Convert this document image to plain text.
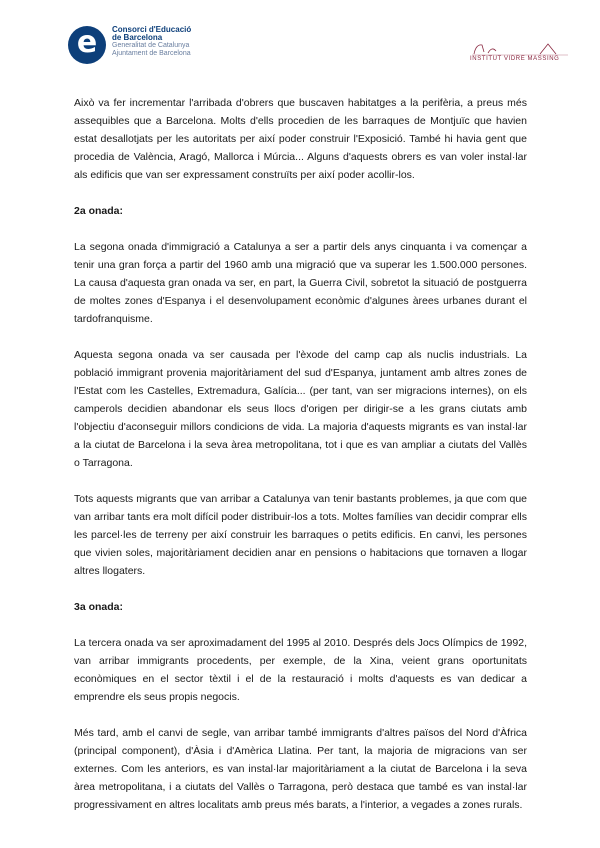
e	Consorci d'Educació
de Barcelona
Generalitat de Catalunya
Ajuntament de Barcelona
INSTITUT VIDRE MASSING

Això va fer incrementar l'arribada d'obrers que buscaven habitatges a la perifèria, a preus més assequibles que a Barcelona. Molts d'ells procedien de les barraques de Montjuïc que havien estat desallotjats per les autoritats per així poder construir l'Exposició. També hi havia gent que procedia de València, Aragó, Mallorca i Múrcia... Alguns d'aquests obrers es van voler instal·lar als edificis que van ser expressament construïts per així poder acollir-los.

2a onada:

La segona onada d'immigració a Catalunya a ser a partir dels anys cinquanta i va començar a tenir una gran força a partir del 1960 amb una migració que va superar les 1.500.000 persones. La causa d'aquesta gran onada va ser, en part, la Guerra Civil, sobretot la situació de postguerra de moltes zones d'Espanya i el desenvolupament econòmic d'algunes àrees urbanes durant el tardofranquisme.

Aquesta segona onada va ser causada per l'èxode del camp cap als nuclis industrials. La població immigrant provenia majoritàriament del sud d'Espanya, juntament amb altres zones de l'Estat com les Castelles, Extremadura, Galícia... (per tant, van ser migracions internes), on els camperols decidien abandonar els seus llocs d'origen per dirigir-se a les grans ciutats amb l'objectiu d'aconseguir millors condicions de vida. La majoria d'aquests migrants es van instal·lar a la ciutat de Barcelona i la seva àrea metropolitana, tot i que es van ampliar a ciutats del Vallès o Tarragona.

Tots aquests migrants que van arribar a Catalunya van tenir bastants problemes, ja que com que van arribar tants era molt difícil poder distribuir-los a tots. Moltes famílies van decidir comprar ells les parcel·les de terreny per així construir les barraques o petits edificis. En canvi, les persones que vivien soles, majoritàriament decidien anar en pensions o habitacions que tornaven a llogar altres llogaters.

3a onada:

La tercera onada va ser aproximadament del 1995 al 2010. Després dels Jocs Olímpics de 1992, van arribar immigrants procedents, per exemple, de la Xina, veient grans oportunitats econòmiques en el sector tèxtil i el de la restauració i molts d'aquests es van dedicar a emprendre els seus propis negocis.

Més tard, amb el canvi de segle, van arribar també immigrants d'altres països del Nord d'Àfrica (principal component), d'Àsia i d'Amèrica Llatina. Per tant, la majoria de migracions van ser externes. Com les anteriors, es van instal·lar majoritàriament a la ciutat de Barcelona i la seva àrea metropolitana, i a ciutats del Vallès o Tarragona, però destaca que també es van instal·lar progressivament en altres localitats amb preus més barats, a l'interior, a vegades a zones rurals.
